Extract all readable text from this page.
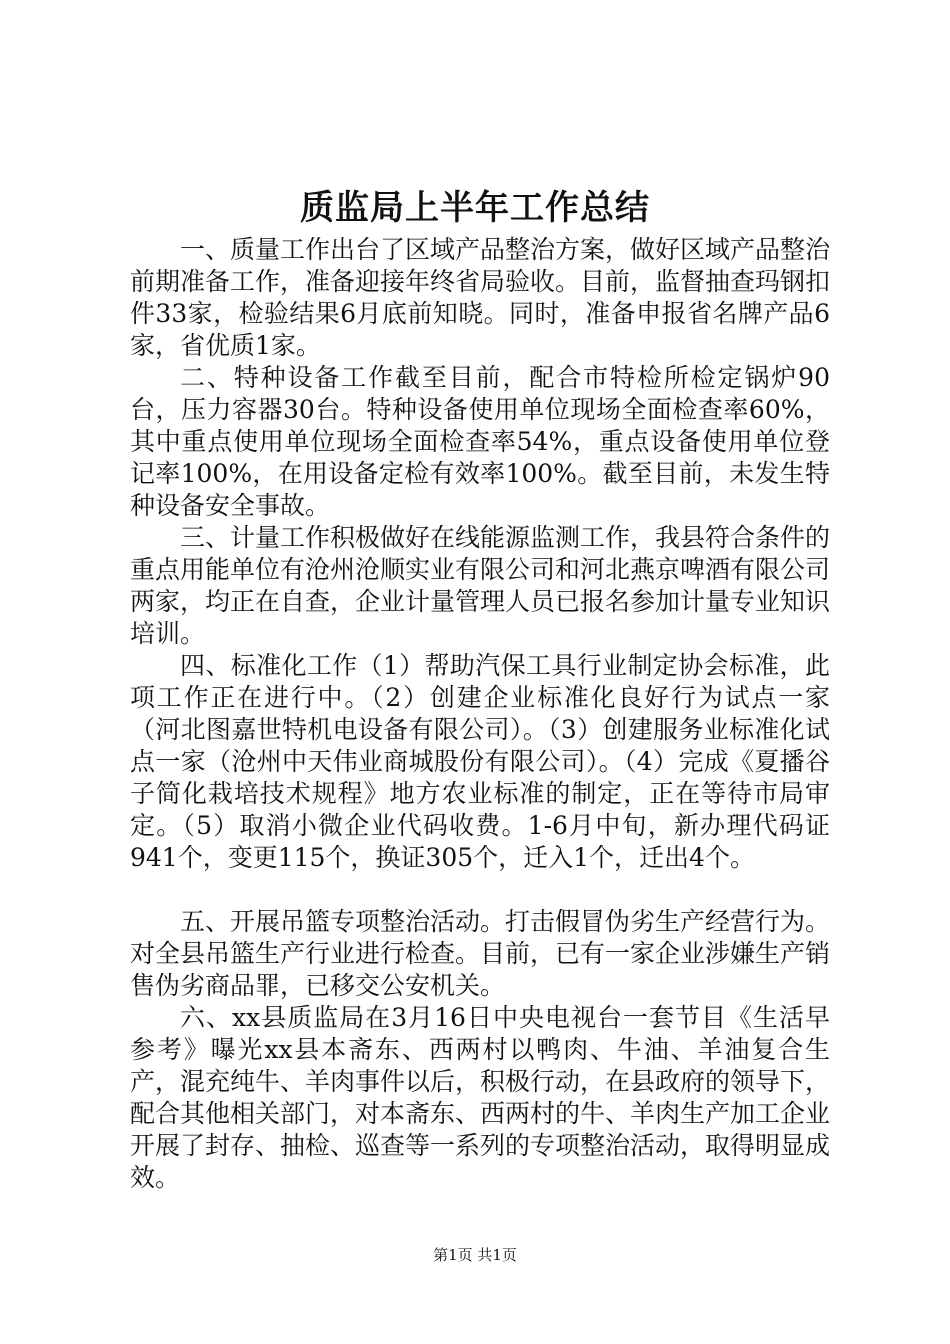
质监局上半年工作总结

一、质量工作出台了区域产品整治方案，做好区域产品整治前期准备工作，准备迎接年终省局验收。目前，监督抽查玛钢扣件33家，检验结果6月底前知晓。同时，准备申报省名牌产品6家，省优质1家。

二、特种设备工作截至目前，配合市特检所检定锅炉90台，压力容器30台。特种设备使用单位现场全面检查率60%，其中重点使用单位现场全面检查率54%，重点设备使用单位登记率100%，在用设备定检有效率100%。截至目前，未发生特种设备安全事故。

三、计量工作积极做好在线能源监测工作，我县符合条件的重点用能单位有沧州沧顺实业有限公司和河北燕京啤酒有限公司两家，均正在自查，企业计量管理人员已报名参加计量专业知识培训。

四、标准化工作（1）帮助汽保工具行业制定协会标准，此项工作正在进行中。（2）创建企业标准化良好行为试点一家（河北图嘉世特机电设备有限公司）。（3）创建服务业标准化试点一家（沧州中天伟业商城股份有限公司）。（4）完成《夏播谷子简化栽培技术规程》地方农业标准的制定，正在等待市局审定。（5）取消小微企业代码收费。1-6月中旬，新办理代码证941个，变更115个，换证305个，迁入1个，迁出4个。

五、开展吊篮专项整治活动。打击假冒伪劣生产经营行为。对全县吊篮生产行业进行检查。目前，已有一家企业涉嫌生产销售伪劣商品罪，已移交公安机关。

六、xx县质监局在3月16日中央电视台一套节目《生活早参考》曝光xx县本斋东、西两村以鸭肉、牛油、羊油复合生产，混充纯牛、羊肉事件以后，积极行动，在县政府的领导下，配合其他相关部门，对本斋东、西两村的牛、羊肉生产加工企业开展了封存、抽检、巡查等一系列的专项整治活动，取得明显成效。

第1页 共1页
